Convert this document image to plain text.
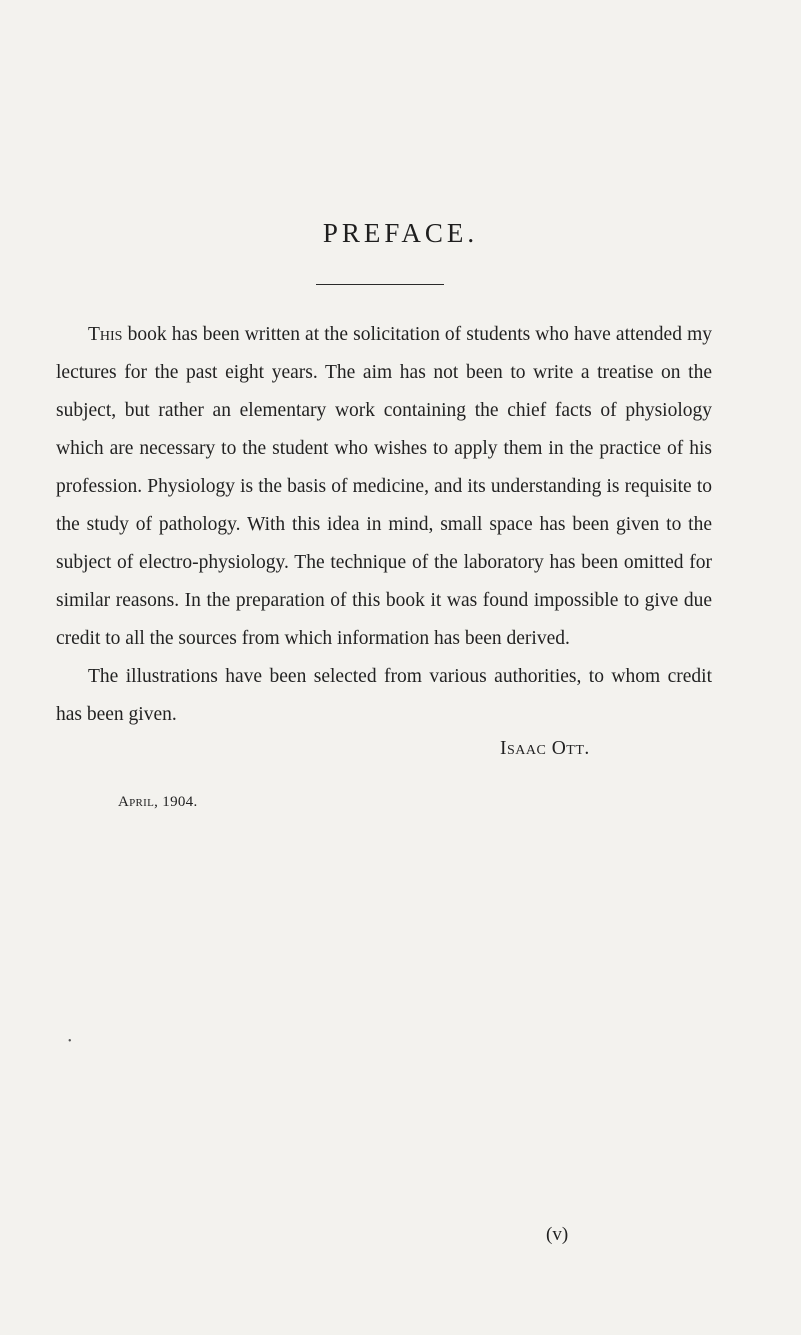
PREFACE.

This book has been written at the solicitation of students who have attended my lectures for the past eight years. The aim has not been to write a treatise on the subject, but rather an elementary work containing the chief facts of physiology which are necessary to the student who wishes to apply them in the practice of his profession. Physiology is the basis of medicine, and its understanding is requisite to the study of pathology. With this idea in mind, small space has been given to the subject of electro-physiology. The technique of the laboratory has been omitted for similar reasons. In the preparation of this book it was found impossible to give due credit to all the sources from which information has been derived.

The illustrations have been selected from various authorities, to whom credit has been given.

Isaac Ott.
April, 1904.
•
(v)
